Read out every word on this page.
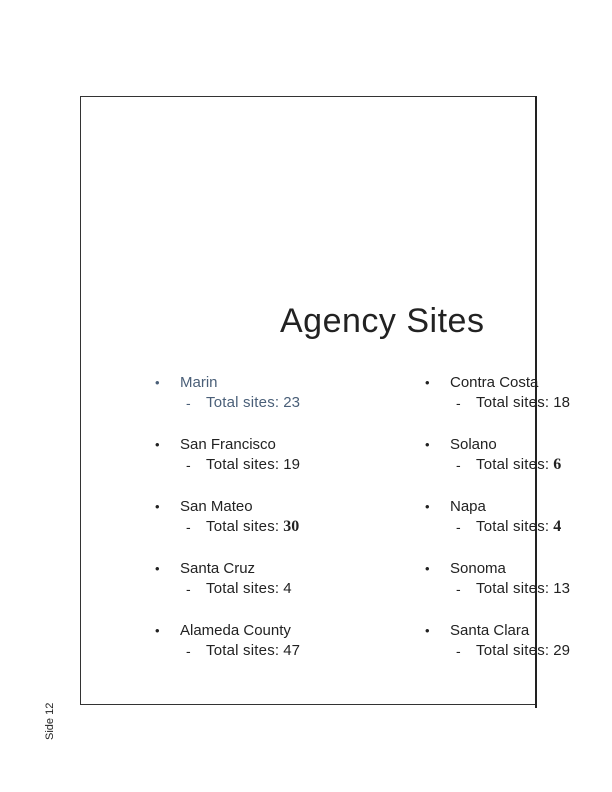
Agency Sites
• Marin
- Total sites: 23
• San Francisco
- Total sites: 19
• San Mateo
- Total sites: 30
• Santa Cruz
- Total sites: 4
• Alameda County
- Total sites: 47
• Contra Costa
- Total sites: 18
• Solano
- Total sites: 6
• Napa
- Total sites: 4
• Sonoma
- Total sites: 13
• Santa Clara
- Total sites: 29
Side 12
